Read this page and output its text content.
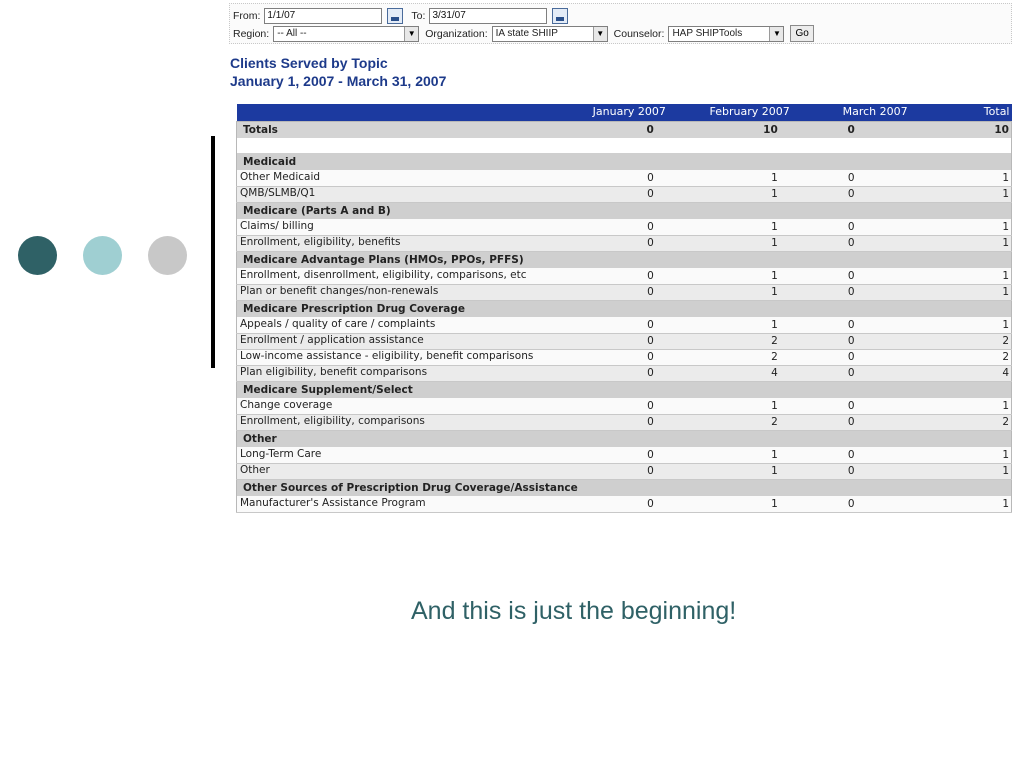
From:
1/1/07	To:
3/31/07
Region: -- All --	▼ Organization: IA state SHIIP	▼ Counselor: HAP SHIPTools	▼	Go
Clients Served by Topic
January 1, 2007 - March 31, 2007
	January 2007	February 2007	March 2007	Total
Totals	0	10	0	10

Medicaid				
Other Medicaid	0	1	0	1
QMB/SLMB/Q1	0	1	0	1
Medicare (Parts A and B)				
Claims/ billing	0	1	0	1
Enrollment, eligibility, benefits	0	1	0	1
Medicare Advantage Plans (HMOs, PPOs, PFFS)				
Enrollment, disenrollment, eligibility, comparisons, etc	0	1	0	1
Plan or benefit changes/non-renewals	0	1	0	1
Medicare Prescription Drug Coverage				
Appeals / quality of care / complaints	0	1	0	1
Enrollment / application assistance	0	2	0	2
Low-income assistance - eligibility, benefit comparisons	0	2	0	2
Plan eligibility, benefit comparisons	0	4	0	4
Medicare Supplement/Select				
Change coverage	0	1	0	1
Enrollment, eligibility, comparisons	0	2	0	2
Other				
Long-Term Care	0	1	0	1
Other	0	1	0	1
Other Sources of Prescription Drug Coverage/Assistance				
Manufacturer's Assistance Program	0	1	0	1
And this is just the beginning!
